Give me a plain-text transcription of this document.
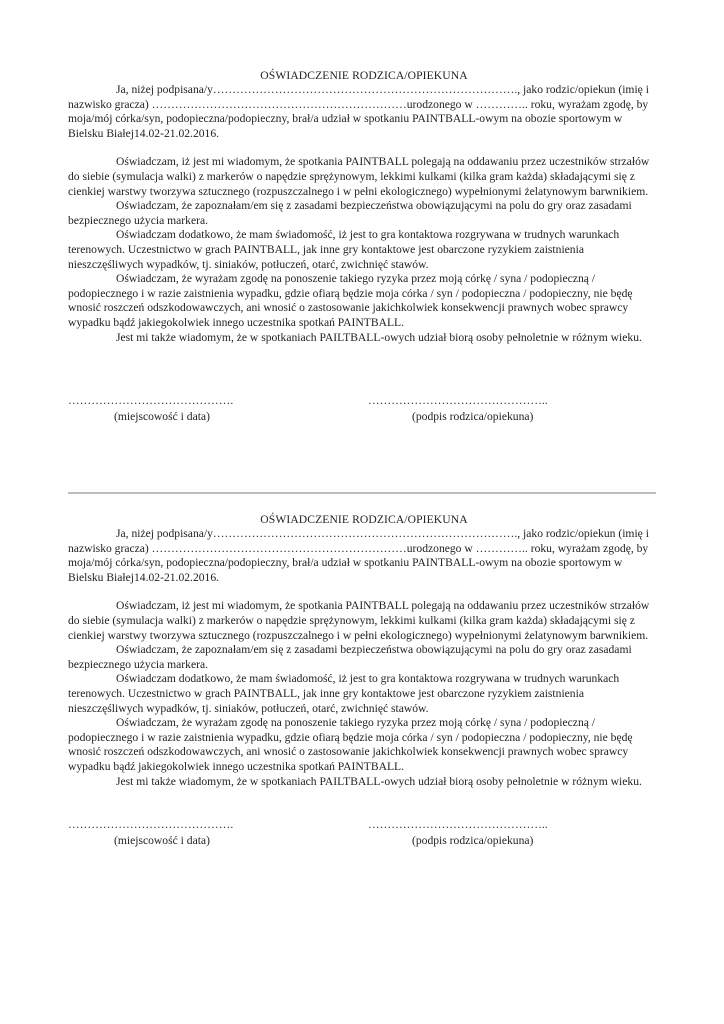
OŚWIADCZENIE RODZICA/OPIEKUNA

Ja, niżej podpisana/y……………………………………………………………………., jako rodzic/opiekun (imię i nazwisko gracza) …………………………………………………………urodzonego w ………….. roku, wyrażam zgodę, by moja/mój córka/syn, podopieczna/podopieczny, brał/a udział w spotkaniu PAINTBALL-owym na obozie sportowym w Bielsku Białej14.02-21.02.2016.

Oświadczam, iż jest mi wiadomym, że spotkania PAINTBALL polegają na oddawaniu przez uczestników strzałów do siebie (symulacja walki) z markerów o napędzie sprężynowym, lekkimi kulkami (kilka gram każda) składającymi się z cienkiej warstwy tworzywa sztucznego (rozpuszczalnego i w pełni ekologicznego) wypełnionymi żelatynowym barwnikiem.

Oświadczam, że zapoznałam/em się z zasadami bezpieczeństwa obowiązującymi na polu do gry oraz zasadami bezpiecznego użycia markera.

Oświadczam dodatkowo, że mam świadomość, iż jest to gra kontaktowa rozgrywana w trudnych warunkach terenowych. Uczestnictwo w grach PAINTBALL, jak inne gry kontaktowe jest obarczone ryzykiem zaistnienia nieszczęśliwych wypadków, tj. siniaków, potłuczeń, otarć, zwichnięć stawów.

Oświadczam, że wyrażam zgodę na ponoszenie takiego ryzyka przez moją córkę / syna / podopieczną / podopiecznego i w razie zaistnienia wypadku, gdzie ofiarą będzie moja córka / syn / podopieczna / podopieczny, nie będę wnosić roszczeń odszkodowawczych, ani wnosić o zastosowanie jakichkolwiek konsekwencji prawnych wobec sprawcy wypadku bądź jakiegokolwiek innego uczestnika spotkań PAINTBALL.

Jest mi także wiadomym, że w spotkaniach PAILTBALL-owych udział biorą osoby pełnoletnie w różnym wieku.

…………………………………….
(miejscowość i data)
………………………………………..
(podpis rodzica/opiekuna)

OŚWIADCZENIE RODZICA/OPIEKUNA

Ja, niżej podpisana/y……………………………………………………………………., jako rodzic/opiekun (imię i nazwisko gracza) …………………………………………………………urodzonego w ………….. roku, wyrażam zgodę, by moja/mój córka/syn, podopieczna/podopieczny, brał/a udział w spotkaniu PAINTBALL-owym na obozie sportowym w Bielsku Białej14.02-21.02.2016.

Oświadczam, iż jest mi wiadomym, że spotkania PAINTBALL polegają na oddawaniu przez uczestników strzałów do siebie (symulacja walki) z markerów o napędzie sprężynowym, lekkimi kulkami (kilka gram każda) składającymi się z cienkiej warstwy tworzywa sztucznego (rozpuszczalnego i w pełni ekologicznego) wypełnionymi żelatynowym barwnikiem.

Oświadczam, że zapoznałam/em się z zasadami bezpieczeństwa obowiązującymi na polu do gry oraz zasadami bezpiecznego użycia markera.

Oświadczam dodatkowo, że mam świadomość, iż jest to gra kontaktowa rozgrywana w trudnych warunkach terenowych. Uczestnictwo w grach PAINTBALL, jak inne gry kontaktowe jest obarczone ryzykiem zaistnienia nieszczęśliwych wypadków, tj. siniaków, potłuczeń, otarć, zwichnięć stawów.

Oświadczam, że wyrażam zgodę na ponoszenie takiego ryzyka przez moją córkę / syna / podopieczną / podopiecznego i w razie zaistnienia wypadku, gdzie ofiarą będzie moja córka / syn / podopieczna / podopieczny, nie będę wnosić roszczeń odszkodowawczych, ani wnosić o zastosowanie jakichkolwiek konsekwencji prawnych wobec sprawcy wypadku bądź jakiegokolwiek innego uczestnika spotkań PAINTBALL.

Jest mi także wiadomym, że w spotkaniach PAILTBALL-owych udział biorą osoby pełnoletnie w różnym wieku.

…………………………………….
(miejscowość i data)
………………………………………..
(podpis rodzica/opiekuna)
